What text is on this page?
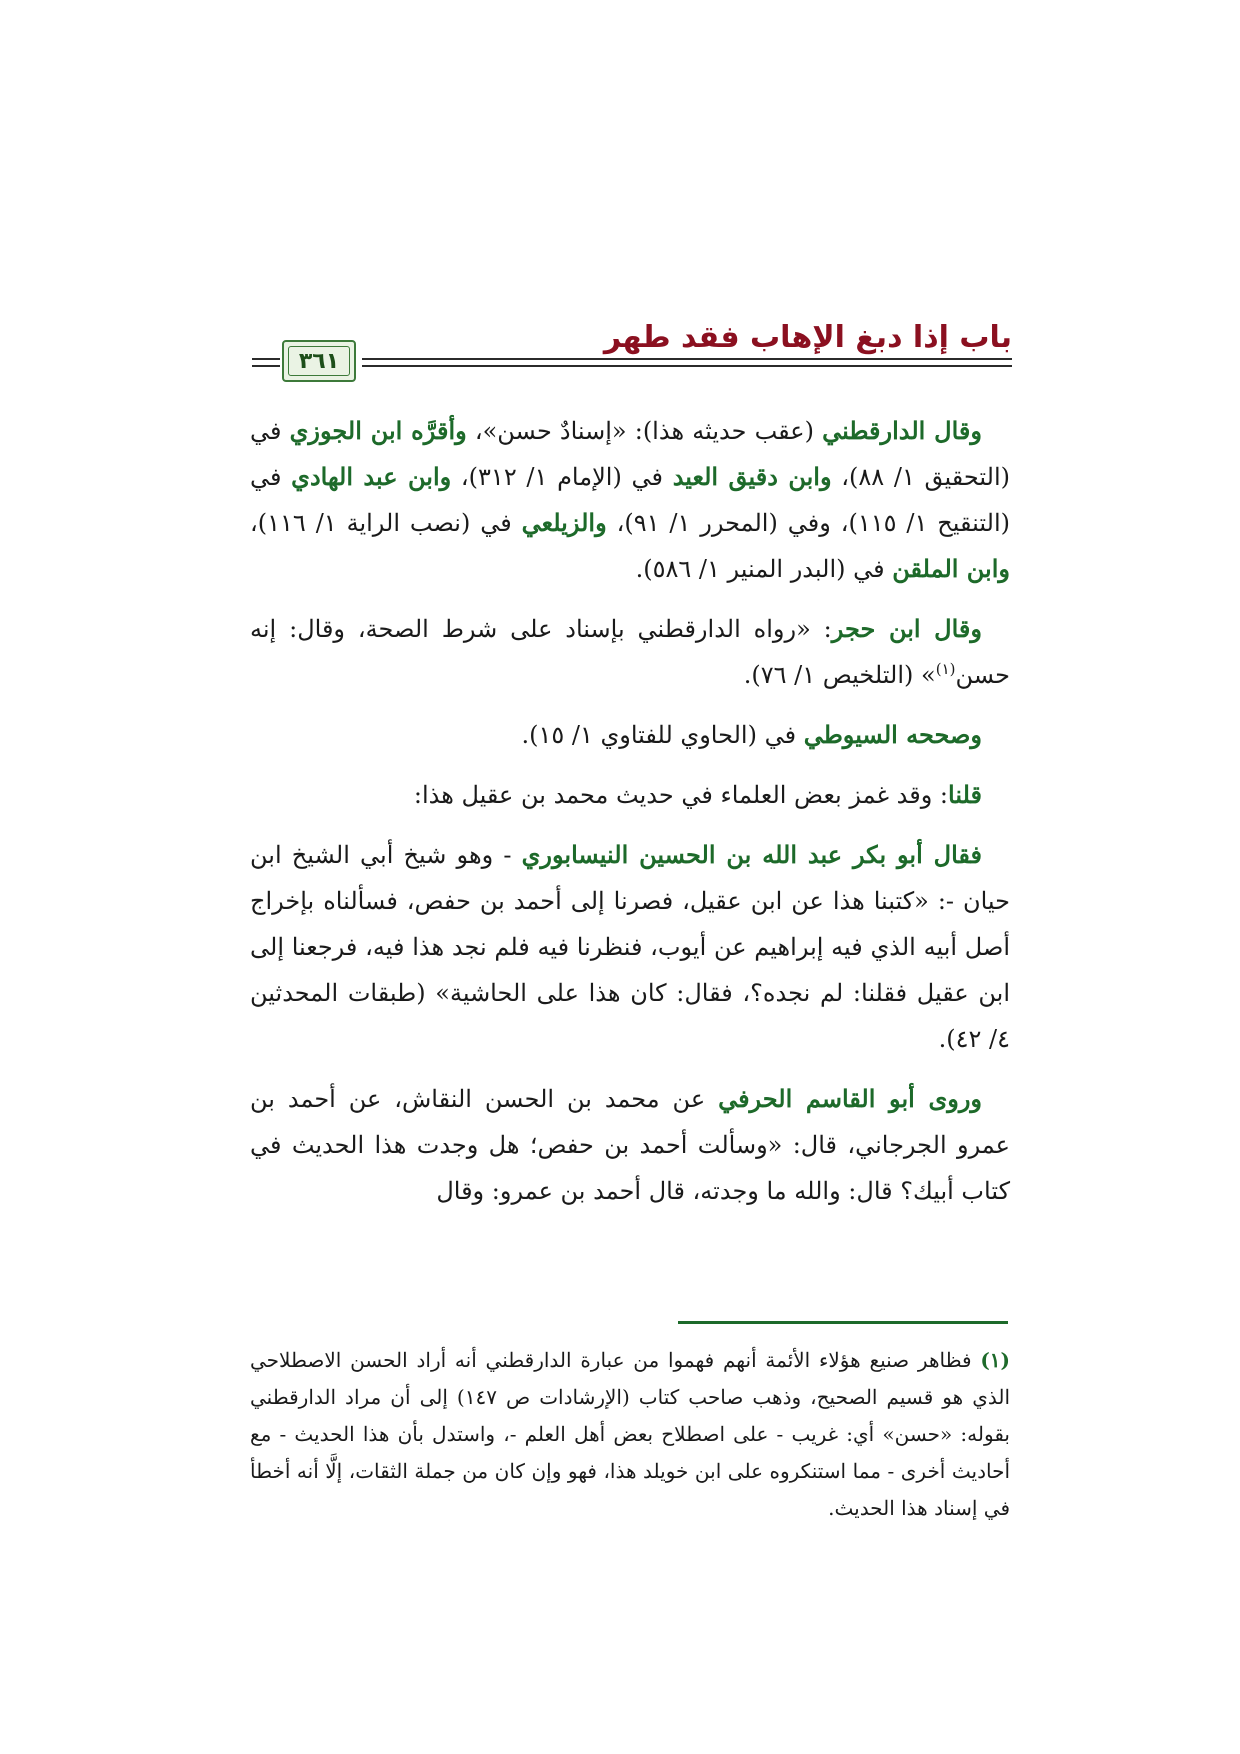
باب إذا دبغ الإهاب فقد طهر
٣٦١

وقال الدارقطني (عقب حديثه هذا): «إسنادٌ حسن»، وأقرَّه ابن الجوزي في (التحقيق ١/ ٨٨)، وابن دقيق العيد في (الإمام ١/ ٣١٢)، وابن عبد الهادي في (التنقيح ١/ ١١٥)، وفي (المحرر ١/ ٩١)، والزيلعي في (نصب الراية ١/ ١١٦)، وابن الملقن في (البدر المنير ١/ ٥٨٦).

وقال ابن حجر: «رواه الدارقطني بإسناد على شرط الصحة، وقال: إنه حسن$^{(١)}$» (التلخيص ١/ ٧٦).

وصححه السيوطي في (الحاوي للفتاوي ١/ ١٥).

قلنا: وقد غمز بعض العلماء في حديث محمد بن عقيل هذا:

فقال أبو بكر عبد الله بن الحسين النيسابوري - وهو شيخ أبي الشيخ ابن حيان -: «كتبنا هذا عن ابن عقيل، فصرنا إلى أحمد بن حفص، فسألناه بإخراج أصل أبيه الذي فيه إبراهيم عن أيوب، فنظرنا فيه فلم نجد هذا فيه، فرجعنا إلى ابن عقيل فقلنا: لم نجده؟، فقال: كان هذا على الحاشية» (طبقات المحدثين ٤/ ٤٢).

وروى أبو القاسم الحرفي عن محمد بن الحسن النقاش، عن أحمد بن عمرو الجرجاني، قال: «وسألت أحمد بن حفص؛ هل وجدت هذا الحديث في كتاب أبيك؟ قال: والله ما وجدته، قال أحمد بن عمرو: وقال

(١) فظاهر صنيع هؤلاء الأئمة أنهم فهموا من عبارة الدارقطني أنه أراد الحسن الاصطلاحي الذي هو قسيم الصحيح، وذهب صاحب كتاب (الإرشادات ص ١٤٧) إلى أن مراد الدارقطني بقوله: «حسن» أي: غريب - على اصطلاح بعض أهل العلم -، واستدل بأن هذا الحديث - مع أحاديث أخرى - مما استنكروه على ابن خويلد هذا، فهو وإن كان من جملة الثقات، إلَّا أنه أخطأ في إسناد هذا الحديث.
